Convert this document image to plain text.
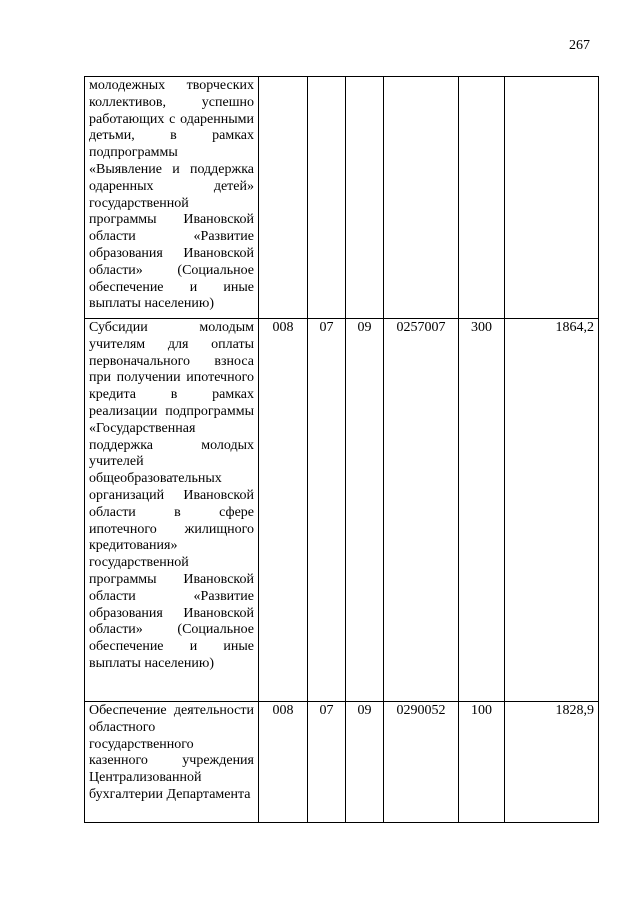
267
молодежных творческих коллективов, успешно работающих с одаренными детьми, в рамках подпрограммы «Выявление и поддержка одаренных детей» государственной программы Ивановской области «Развитие образования Ивановской области» (Социальное обеспечение и иные выплаты населению)						
Субсидии молодым учителям для оплаты первоначального взноса при получении ипотечного кредита в рамках реализации подпрограммы «Государственная поддержка молодых учителей общеобразовательных организаций Ивановской области в сфере ипотечного жилищного кредитования» государственной программы Ивановской области «Развитие образования Ивановской области» (Социальное обеспечение и иные выплаты населению)	008	07	09	0257007	300	1864,2
Обеспечение деятельности областного государственного казенного учреждения Централизованной бухгалтерии Департамента	008	07	09	0290052	100	1828,9
